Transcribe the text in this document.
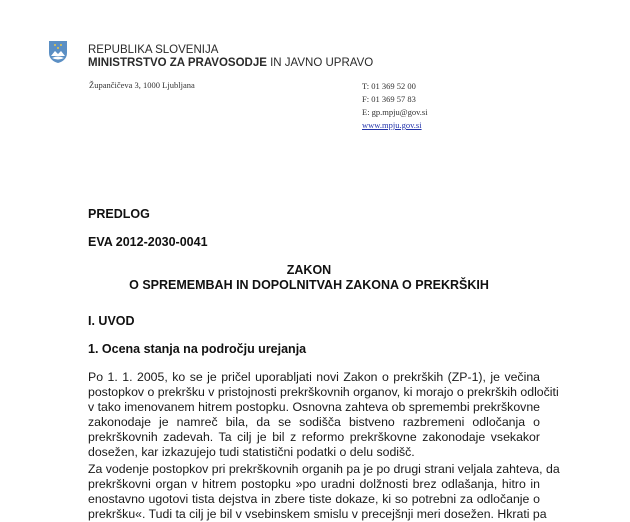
REPUBLIKA SLOVENIJA
MINISTRSTVO ZA PRAVOSODJE IN JAVNO UPRAVO
Župančičeva 3, 1000 Ljubljana	T: 01 369 52 00
F: 01 369 57 83
E: gp.mpju@gov.si
www.mpju.gov.si
PREDLOG
EVA 2012-2030-0041
ZAKON
O SPREMEMBAH IN DOPOLNITVAH ZAKONA O PREKRŠKIH
I. UVOD
1. Ocena stanja na področju urejanja
Po 1. 1. 2005, ko se je pričel uporabljati novi Zakon o prekrških (ZP-1), je večina
postopkov o prekršku v pristojnosti prekrškovnih organov, ki morajo o prekrških odločiti
v tako imenovanem hitrem postopku. Osnovna zahteva ob spremembi prekrškovne
zakonodaje je namreč bila, da se sodišča bistveno razbremeni odločanja o
prekrškovnih zadevah. Ta cilj je bil z reformo prekrškovne zakonodaje vsekakor
dosežen, kar izkazujejo tudi statistični podatki o delu sodišč.
Za vodenje postopkov pri prekrškovnih organih pa je po drugi strani veljala zahteva, da
prekrškovni organ v hitrem postopku »po uradni dolžnosti brez odlašanja, hitro in
enostavno ugotovi tista dejstva in zbere tiste dokaze, ki so potrebni za odločanje o
prekršku«. Tudi ta cilj je bil v vsebinskem smislu v precejšnji meri dosežen. Hkrati pa
